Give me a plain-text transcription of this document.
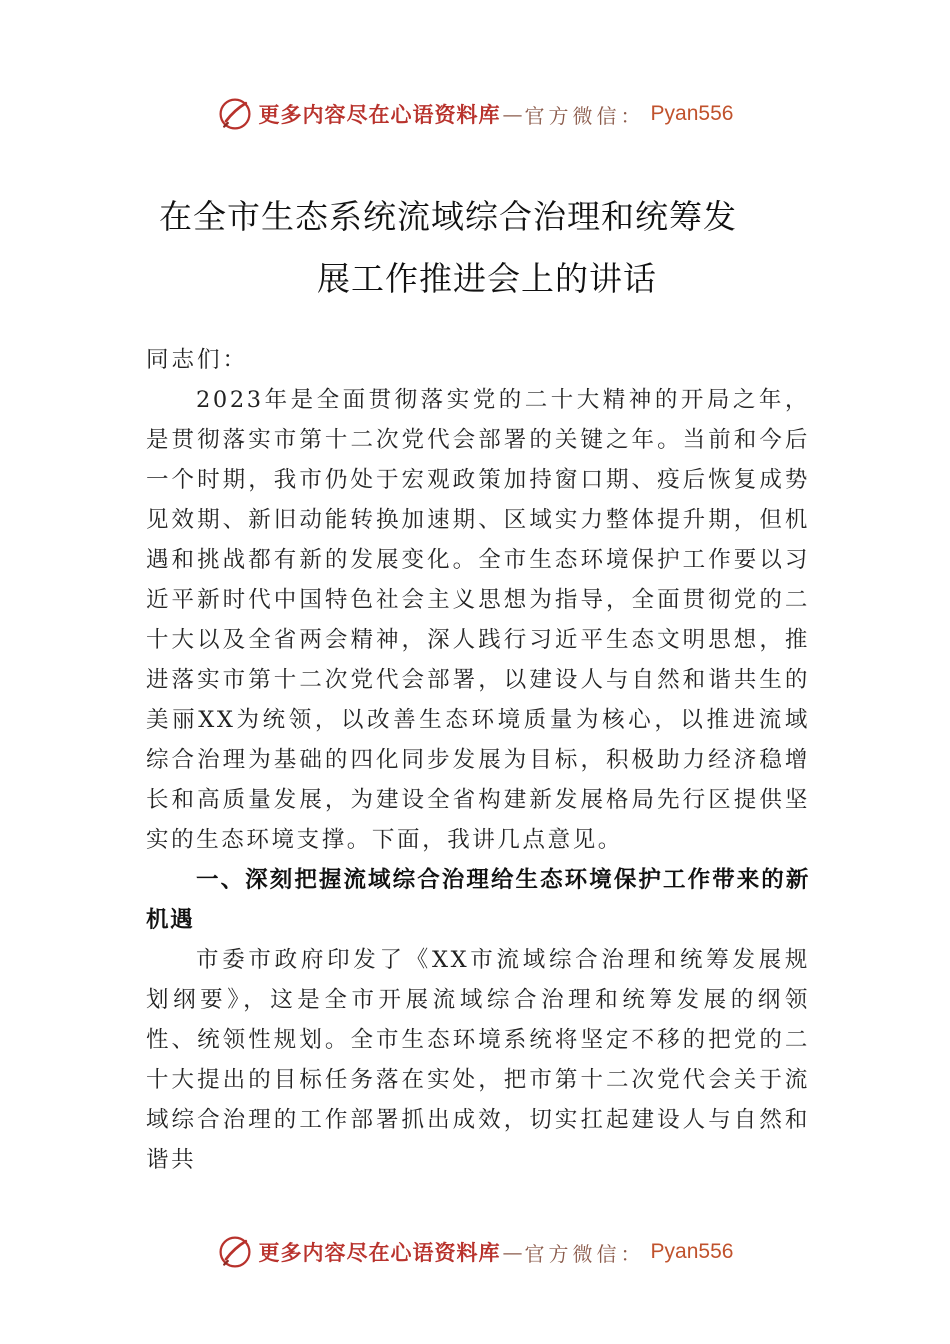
更多内容尽在心语资料库 — 官方微信： Pyan556
在全市生态系统流域综合治理和统筹发
展工作推进会上的讲话

同志们：

2023年是全面贯彻落实党的二十大精神的开局之年，是贯彻落实市第十二次党代会部署的关键之年。当前和今后一个时期，我市仍处于宏观政策加持窗口期、疫后恢复成势见效期、新旧动能转换加速期、区域实力整体提升期，但机遇和挑战都有新的发展变化。全市生态环境保护工作要以习近平新时代中国特色社会主义思想为指导，全面贯彻党的二十大以及全省两会精神，深人践行习近平生态文明思想，推进落实市第十二次党代会部署，以建设人与自然和谐共生的美丽XX为统领，以改善生态环境质量为核心，以推进流域综合治理为基础的四化同步发展为目标，积极助力经济稳增长和高质量发展，为建设全省构建新发展格局先行区提供坚实的生态环境支撑。下面，我讲几点意见。

一、深刻把握流域综合治理给生态环境保护工作带来的新机遇

市委市政府印发了《XX市流域综合治理和统筹发展规划纲要》，这是全市开展流域综合治理和统筹发展的纲领性、统领性规划。全市生态环境系统将坚定不移的把党的二十大提出的目标任务落在实处，把市第十二次党代会关于流域综合治理的工作部署抓出成效，切实扛起建设人与自然和谐共

更多内容尽在心语资料库 — 官方微信： Pyan556
